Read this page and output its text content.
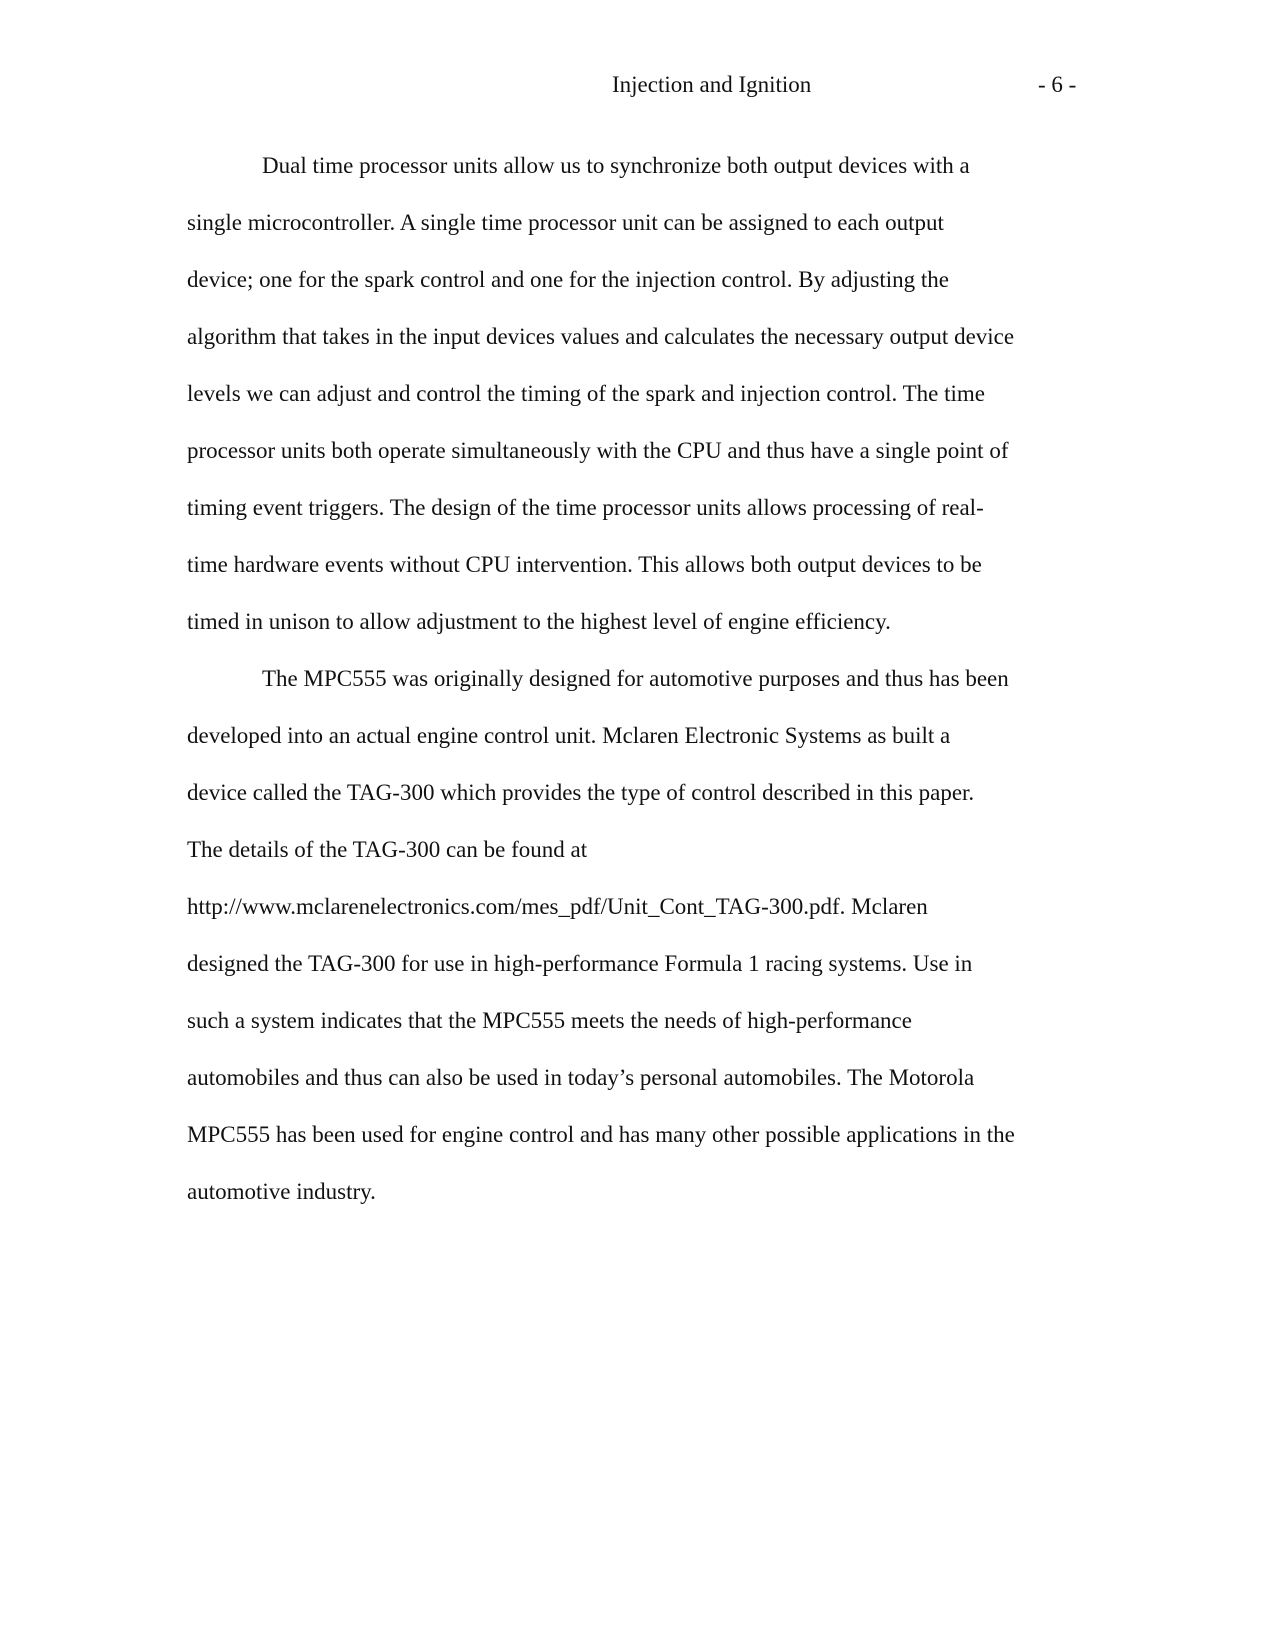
Injection and Ignition	- 6 -
Dual time processor units allow us to synchronize both output devices with a
single microcontroller. A single time processor unit can be assigned to each output
device; one for the spark control and one for the injection control. By adjusting the
algorithm that takes in the input devices values and calculates the necessary output device
levels we can adjust and control the timing of the spark and injection control. The time
processor units both operate simultaneously with the CPU and thus have a single point of
timing event triggers. The design of the time processor units allows processing of real-
time hardware events without CPU intervention. This allows both output devices to be
timed in unison to allow adjustment to the highest level of engine efficiency.
The MPC555 was originally designed for automotive purposes and thus has been
developed into an actual engine control unit. Mclaren Electronic Systems as built a
device called the TAG-300 which provides the type of control described in this paper.
The details of the TAG-300 can be found at
http://www.mclarenelectronics.com/mes_pdf/Unit_Cont_TAG-300.pdf. Mclaren
designed the TAG-300 for use in high-performance Formula 1 racing systems. Use in
such a system indicates that the MPC555 meets the needs of high-performance
automobiles and thus can also be used in today’s personal automobiles. The Motorola
MPC555 has been used for engine control and has many other possible applications in the
automotive industry.
